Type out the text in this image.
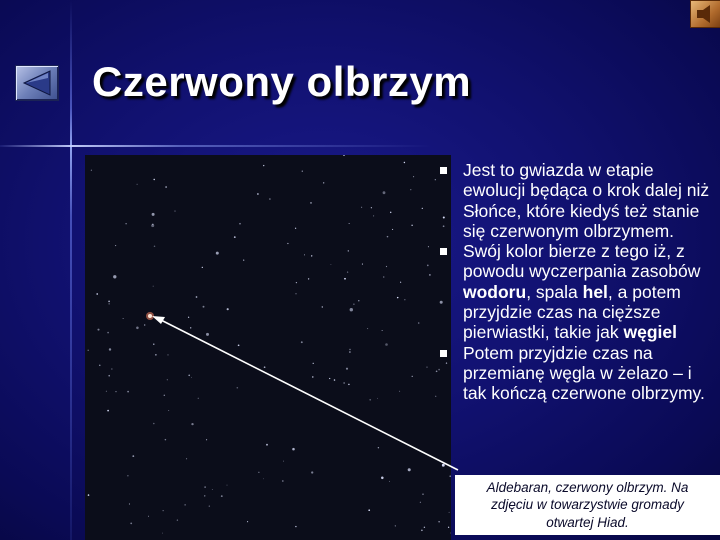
Czerwony olbrzym
Jest to gwiazda w etapie ewolucji będąca o krok dalej niż Słońce, które kiedyś też stanie się czerwonym olbrzymem.
Swój kolor bierze z tego iż, z powodu wyczerpania zasobów wodoru, spala hel, a potem przyjdzie czas na cięższe pierwiastki, takie jak węgiel
Potem przyjdzie czas na przemianę węgla w żelazo – i tak kończą czerwone olbrzymy.
Aldebaran, czerwony olbrzym. Na zdjęciu w towarzystwie gromady otwartej Hiad.
